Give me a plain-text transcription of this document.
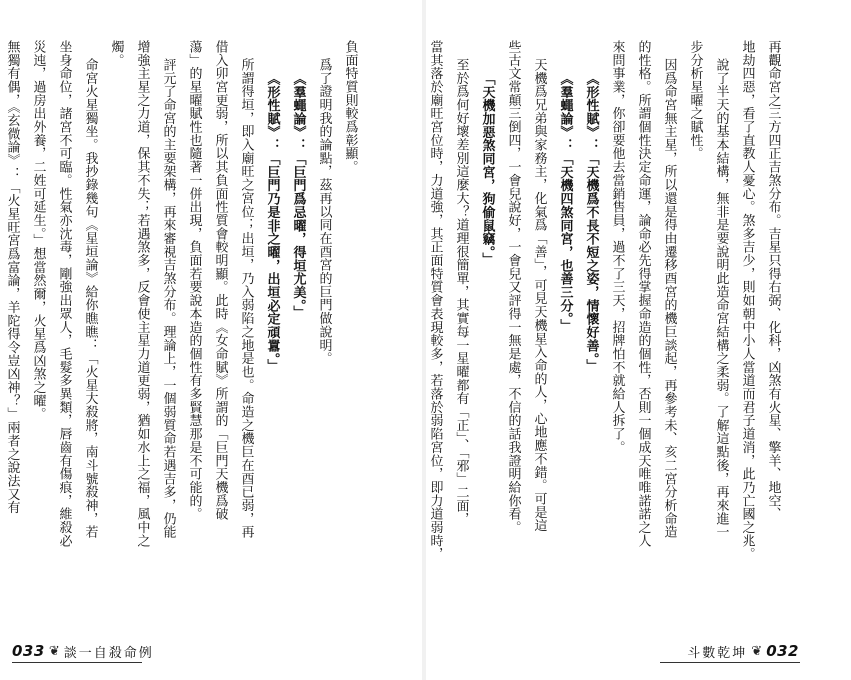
負面特質則較爲彰顯。
爲了證明我的論點，茲再以同在酉宮的巨門做說明。
《羣蠅論》：「巨門爲忌曜，得垣尤美。」
《形性賦》：「巨門乃是非之曜，出垣必定頑囂。」
所謂得垣，即入廟旺之宮位；出垣，乃入弱陷之地是也。命造之機巨在酉已弱，再
借入卯宮更弱，所以其負面性質會較明顯。此時《女命賦》所謂的「巨門天機爲破
蕩」的星曜賦性也隨著一併出現，負面若要說本造的個性有多賢慧那是不可能的。
評元了命宮的主要架構，再來審視吉煞分布。理論上，一個弱質命若遇吉多，仍能
增強主星之力道，保其不失；若遇煞多，反會使主星力道更弱，猶如水上之福，風中之
燭。
命宮火星獨坐。我抄錄幾句《星垣論》給你瞧瞧：「火星大殺將，南斗號殺神，若
坐身命位，諸宮不可臨。性氣亦沈毒，剛強出眾人，毛髮多異類，唇齒有傷痕，維殺必
災迍，過房出外養，二姓可延生。」想當然爾，火星爲凶煞之曜。
無獨有偶，《玄微論》：「火星旺宮爲富論，羊陀得令豈凶神？」兩者之說法又有	再觀命宮之三方四正吉煞分布。吉星只得右弼、化科，凶煞有火星、擎羊、地空、
地劫四惡，看了直教人憂心。煞多吉少，則如朝中小人當道而君子道消，此乃亡國之兆。
說了半天的基本結構，無非是要說明此造命宮結構之柔弱。了解這點後，再來進一
步分析星曜之賦性。
因爲命宮無主星，所以還是得由遷移酉宮的機巨談起，再參考未、亥二宮分析命造
的性格。所謂個性決定命運，論命必先得掌握命造的個性，否則一個成天唯唯諾諾之人
來問事業，你卻要他去當銷售員，過不了三天，招牌怕不就給人拆了。
《形性賦》：「天機爲不長不短之姿，情懷好善。」
《羣蠅論》：「天機四煞同宮，也善三分。」
天機爲兄弟與家務主，化氣爲「善」，可見天機星入命的人，心地應不錯。可是這
些古文常顛三倒四，一會兒說好，一會兒又評得一無是處，不信的話我證明給你看。
「天機加惡煞同宮，狗偷鼠竊。」
至於爲何好壞差別這麼大？道理很簡單，其實每一星曜都有「正」、「邪」二面，
當其落於廟旺宮位時，力道強，其正面特質會表現較多，若落於弱陷宮位，即力道弱時，
033 ❦ 談一自殺命例	斗數乾坤 ❦ 032
